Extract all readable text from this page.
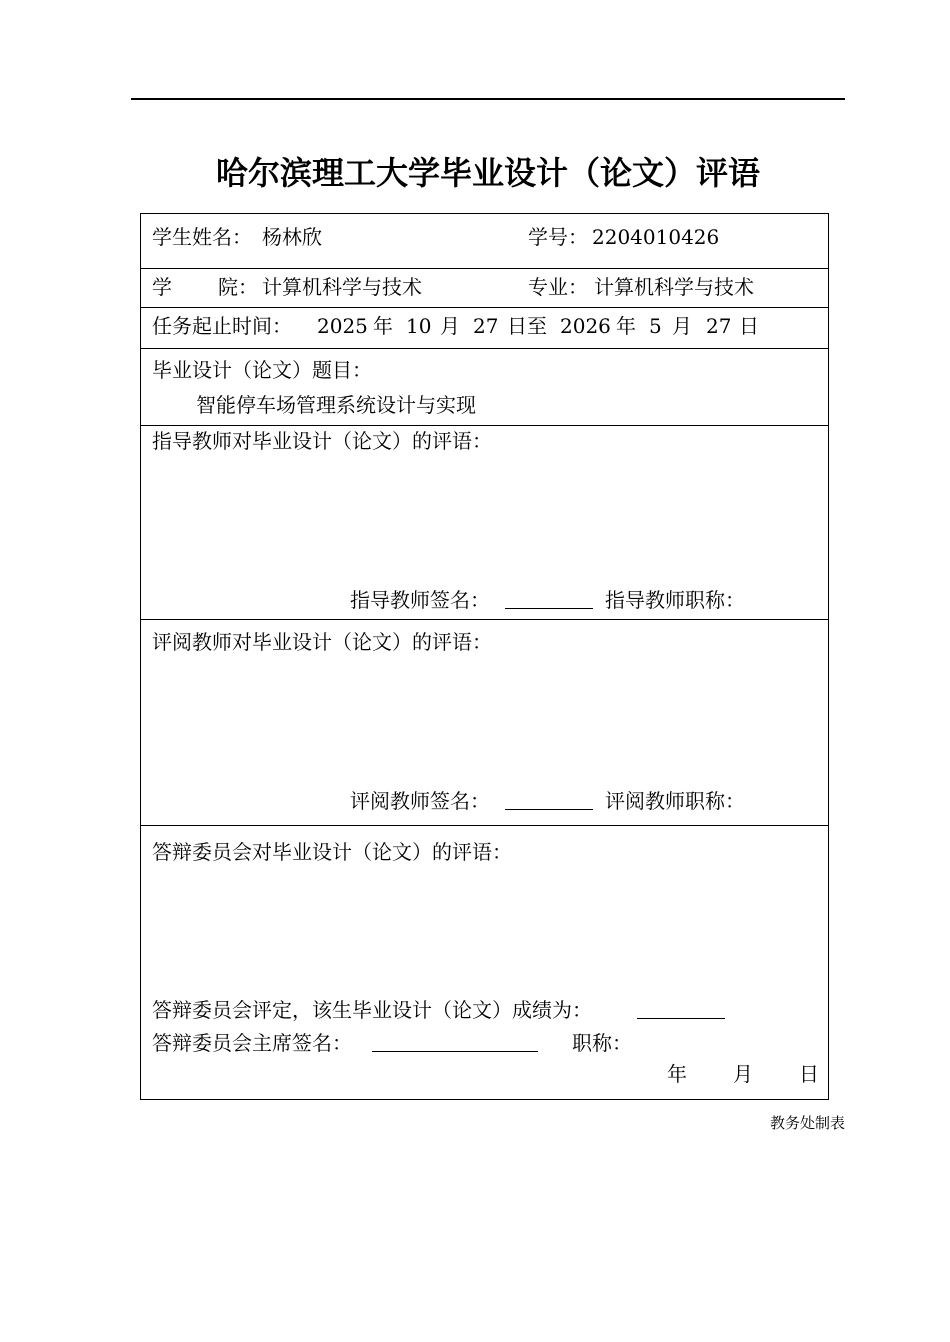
哈尔滨理工大学毕业设计（论文）评语
学生姓名： 杨林欣	学号： 2204010426
学 院： 计算机科学与技术	专业： 计算机科学与技术
任务起止时间： 2025 年 10 月 27 日至 2026 年 5 月 27 日
毕业设计（论文）题目：
智能停车场管理系统设计与实现
指导教师对毕业设计（论文）的评语：
指导教师签名：	指导教师职称：
评阅教师对毕业设计（论文）的评语：
评阅教师签名：	评阅教师职称：
答辩委员会对毕业设计（论文）的评语：
答辩委员会评定，该生毕业设计（论文）成绩为：
答辩委员会主席签名：	职称：
年 月 日
教务处制表
